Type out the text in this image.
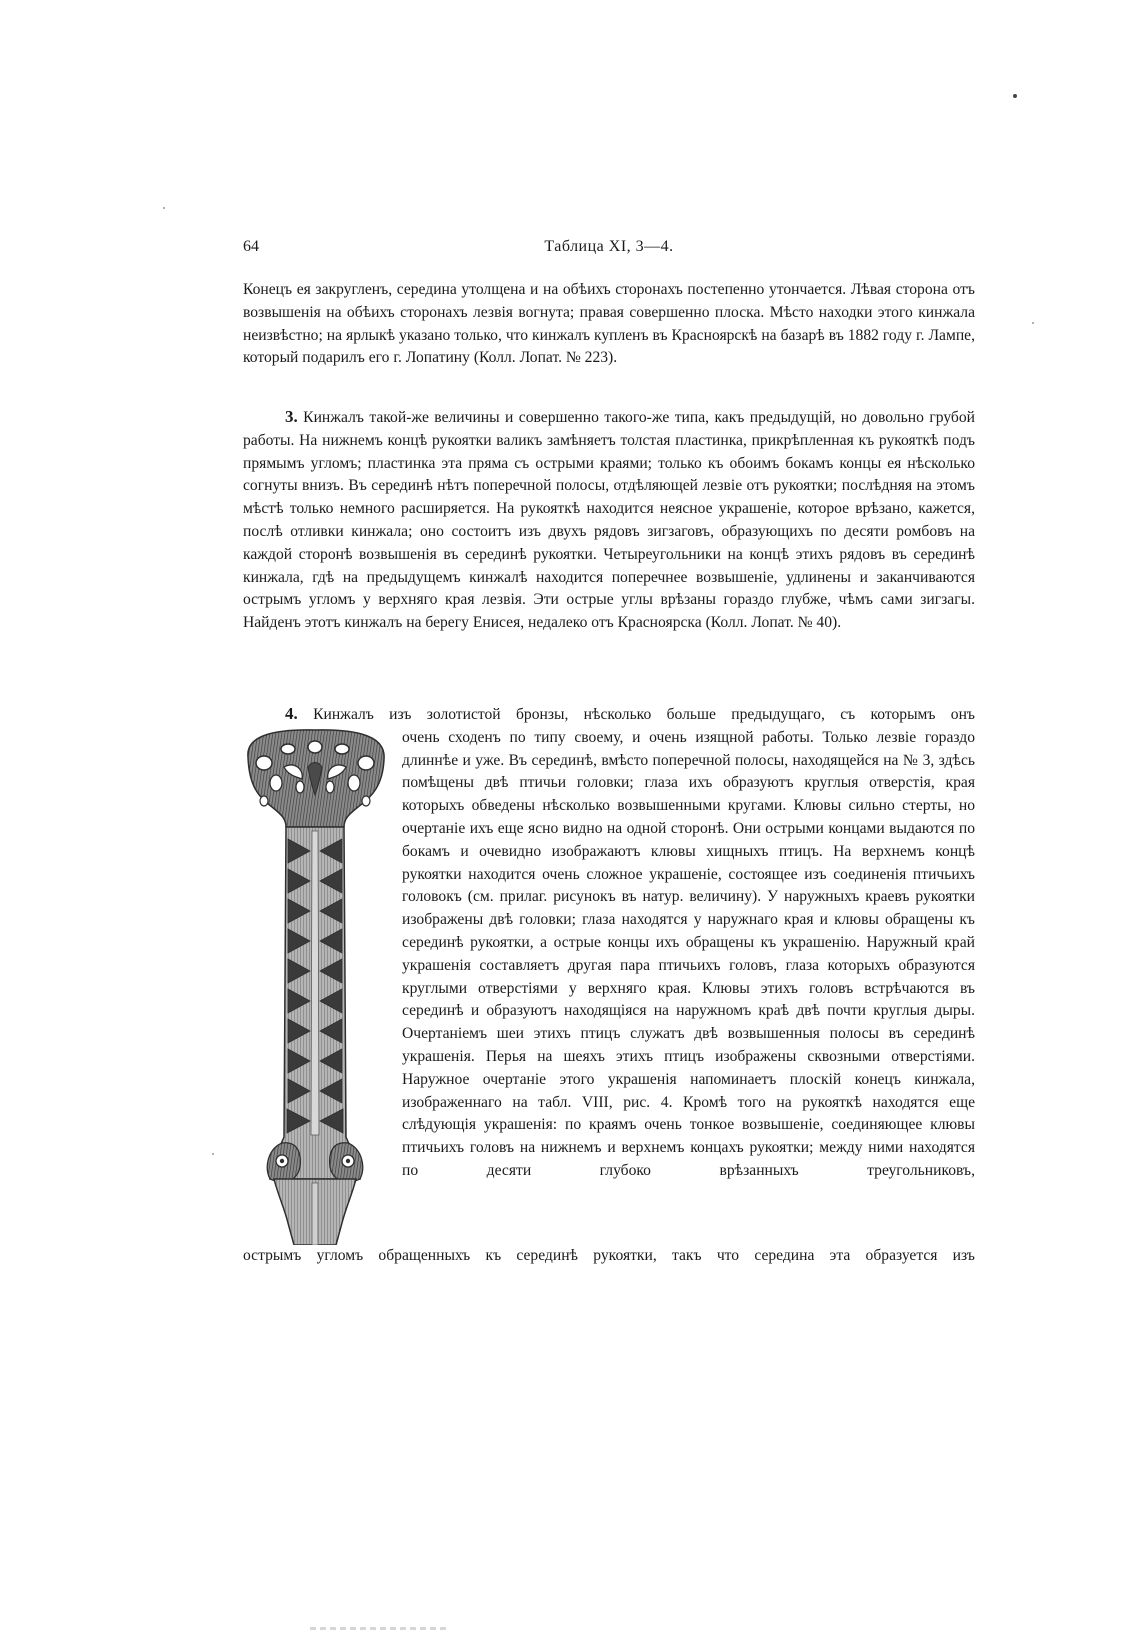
64	Таблица XI, 3—4.

Конецъ ея закругленъ, середина утолщена и на обѣихъ сторонахъ постепенно утончается. Лѣвая сторона отъ возвышенія на обѣихъ сторонахъ лезвія вогнута; правая совершенно плоска. Мѣсто находки этого кинжала неизвѣстно; на ярлыкѣ указано только, что кинжалъ купленъ въ Красноярскѣ на базарѣ въ 1882 году г. Лампе, который подарилъ его г. Лопатину (Колл. Лопат. № 223).

3. Кинжалъ такой-же величины и совершенно такого-же типа, какъ предыдущій, но довольно грубой работы. На нижнемъ концѣ рукоятки валикъ замѣняетъ толстая пластинка, прикрѣпленная къ рукояткѣ подъ прямымъ угломъ; пластинка эта пряма съ острыми краями; только къ обоимъ бокамъ концы ея нѣсколько согнуты внизъ. Въ серединѣ нѣтъ поперечной полосы, отдѣляющей лезвіе отъ рукоятки; послѣдняя на этомъ мѣстѣ только немного расширяется. На рукояткѣ находится неясное украшеніе, которое врѣзано, кажется, послѣ отливки кинжала; оно состоитъ изъ двухъ рядовъ зигзаговъ, образующихъ по десяти ромбовъ на каждой сторонѣ возвышенія въ серединѣ рукоятки. Четыреугольники на концѣ этихъ рядовъ въ серединѣ кинжала, гдѣ на предыдущемъ кинжалѣ находится поперечнее возвышеніе, удлинены и заканчиваются острымъ угломъ у верхняго края лезвія. Эти острые углы врѣзаны гораздо глубже, чѣмъ сами зигзагы. Найденъ этотъ кинжалъ на берегу Енисея, недалеко отъ Красноярска (Колл. Лопат. № 40).

4. Кинжалъ изъ золотистой бронзы, нѣсколько больше предыдущаго, съ которымъ онъ
очень сходенъ по типу своему, и очень изящной работы. Только лезвіе гораздо длиннѣе и уже. Въ серединѣ, вмѣсто поперечной полосы, находящейся на № 3, здѣсь помѣщены двѣ птичьи головки; глаза ихъ образуютъ круглыя отверстія, края которыхъ обведены нѣсколько возвышенными кругами. Клювы сильно стерты, но очертаніе ихъ еще ясно видно на одной сторонѣ. Они острыми концами выдаются по бокамъ и очевидно изображаютъ клювы хищныхъ птицъ. На верхнемъ концѣ рукоятки находится очень сложное украшеніе, состоящее изъ соединенія птичьихъ головокъ (см. прилаг. рисунокъ въ натур. величину). У наружныхъ краевъ рукоятки изображены двѣ головки; глаза находятся у наружнаго края и клювы обращены къ серединѣ рукоятки, а острые концы ихъ обращены къ украшенію. Наружный край украшенія составляетъ другая пара птичьихъ головъ, глаза которыхъ образуются круглыми отверстіями у верхняго края. Клювы этихъ головъ встрѣчаются въ серединѣ и образуютъ находящіяся на наружномъ краѣ двѣ почти круглыя дыры. Очертаніемъ шеи этихъ птицъ служатъ двѣ возвышенныя полосы въ серединѣ украшенія. Перья на шеяхъ этихъ птицъ изображены сквозными отверстіями. Наружное очертаніе этого украшенія напоминаетъ плоскій конецъ кинжала, изображеннаго на табл. VIII, рис. 4. Кромѣ того на рукояткѣ находятся еще слѣдующія украшенія: по краямъ очень тонкое возвышеніе, соединяющее клювы птичьихъ головъ на нижнемъ и верхнемъ концахъ рукоятки; между ними находятся по десяти глубоко врѣзанныхъ треугольниковъ,
острымъ угломъ обращенныхъ къ серединѣ рукоятки, такъ что середина эта образуется изъ
